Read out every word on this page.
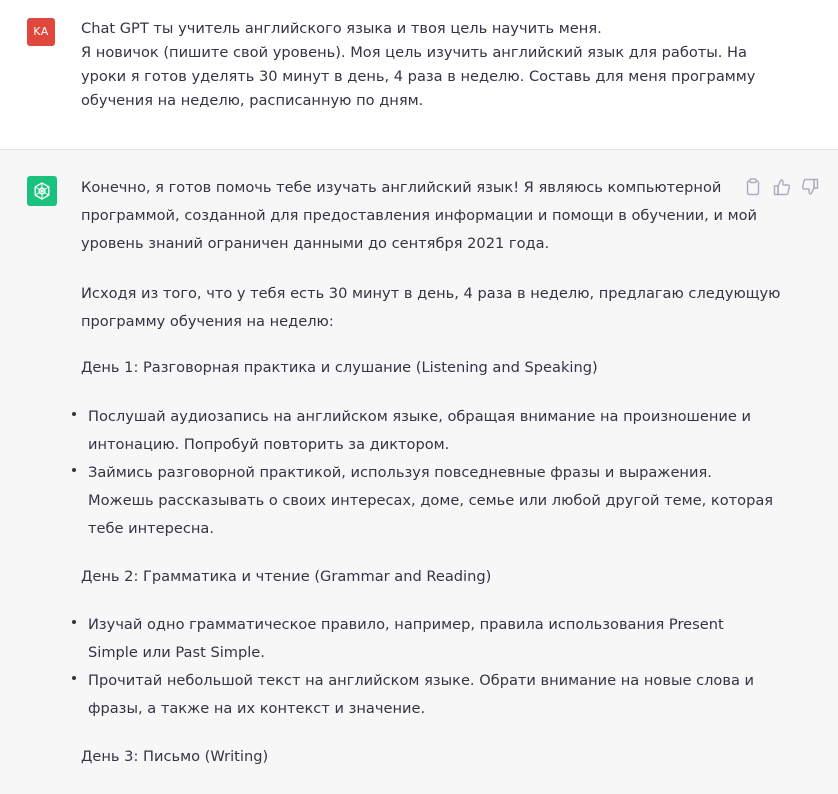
KA	Chat GPT ты учитель английского языка и твоя цель научить меня.
Я новичок (пишите свой уровень). Моя цель изучить английский язык для работы. На
уроки я готов уделять 30 минут в день, 4 раза в неделю. Составь для меня программу
обучения на неделю, расписанную по дням.
Конечно, я готов помочь тебе изучать английский язык! Я являюсь компьютерной
программой, созданной для предоставления информации и помощи в обучении, и мой
уровень знаний ограничен данными до сентября 2021 года.
Исходя из того, что у тебя есть 30 минут в день, 4 раза в неделю, предлагаю следующую
программу обучения на неделю:
День 1: Разговорная практика и слушание (Listening and Speaking)
Послушай аудиозапись на английском языке, обращая внимание на произношение и
интонацию. Попробуй повторить за диктором.
Займись разговорной практикой, используя повседневные фразы и выражения.
Можешь рассказывать о своих интересах, доме, семье или любой другой теме, которая
тебе интересна.
День 2: Грамматика и чтение (Grammar and Reading)
Изучай одно грамматическое правило, например, правила использования Present
Simple или Past Simple.
Прочитай небольшой текст на английском языке. Обрати внимание на новые слова и
фразы, а также на их контекст и значение.
День 3: Письмо (Writing)
